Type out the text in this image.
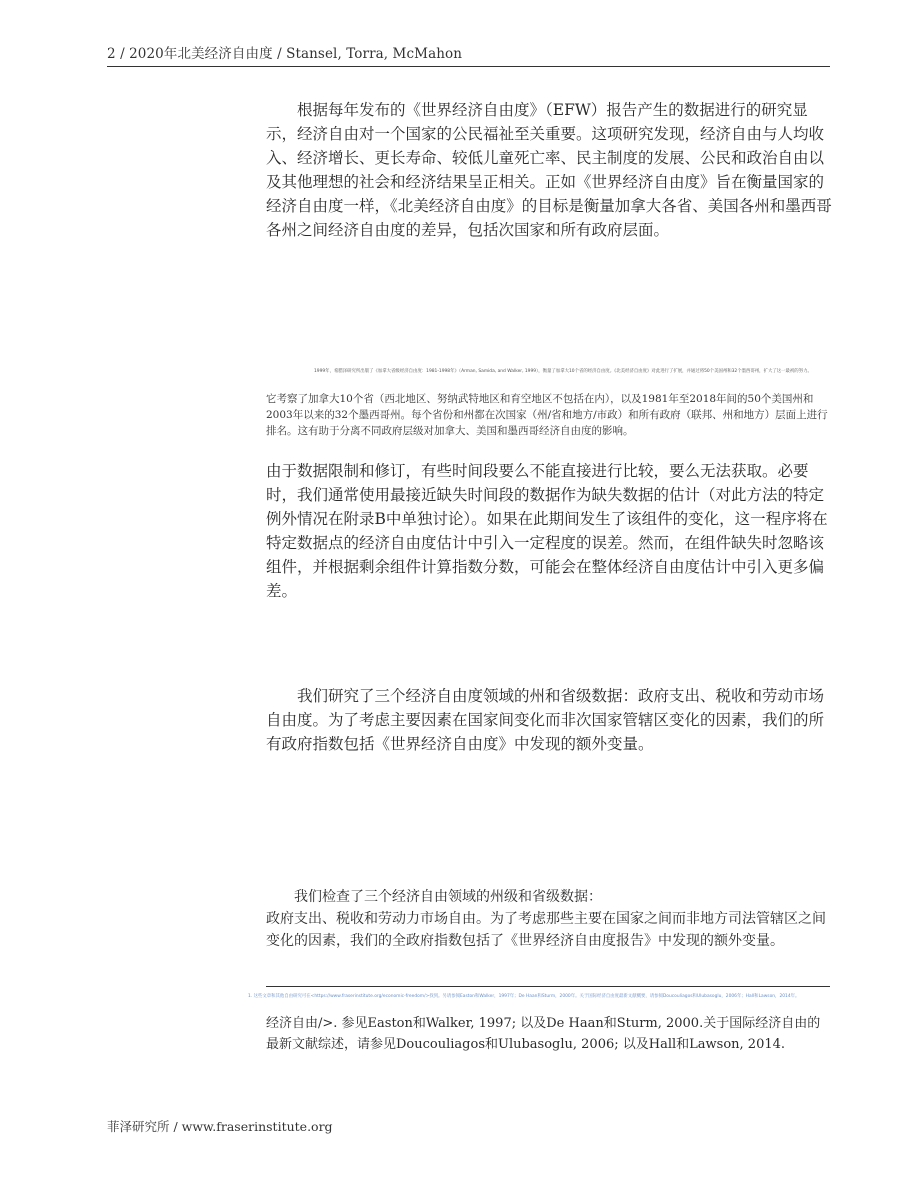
2 / 2020年北美经济自由度 / Stansel, Torra, McMahon
根据每年发布的《世界经济自由度》（EFW）报告产生的数据进行的研究显示，经济自由对一个国家的公民福祉至关重要。这项研究发现，经济自由与人均收入、经济增长、更长寿命、较低儿童死亡率、民主制度的发展、公民和政治自由以及其他理想的社会和经济结果呈正相关。正如《世界经济自由度》旨在衡量国家的经济自由度一样，《北美经济自由度》的目标是衡量加拿大各省、美国各州和墨西哥各州之间经济自由度的差异，包括次国家和所有政府层面。
1999年，希腊泽研究所出版了《加拿大省级经济自由度：1981-1998年》（Arman, Samida, and Walker, 1999），衡量了加拿大10个省的经济自由度。《北美经济自由度》对此进行了扩展，并通过将50个美国州和32个墨西哥州，扩大了这一最初的努力。
它考察了加拿大10个省（西北地区、努纳武特地区和育空地区不包括在内），以及1981年至2018年间的50个美国州和2003年以来的32个墨西哥州。每个省份和州都在次国家（州/省和地方/市政）和所有政府（联邦、州和地方）层面上进行排名。这有助于分离不同政府层级对加拿大、美国和墨西哥经济自由度的影响。
由于数据限制和修订，有些时间段要么不能直接进行比较，要么无法获取。必要时，我们通常使用最接近缺失时间段的数据作为缺失数据的估计（对此方法的特定例外情况在附录B中单独讨论）。如果在此期间发生了该组件的变化，这一程序将在特定数据点的经济自由度估计中引入一定程度的误差。然而，在组件缺失时忽略该组件，并根据剩余组件计算指数分数，可能会在整体经济自由度估计中引入更多偏差。
我们研究了三个经济自由度领域的州和省级数据：政府支出、税收和劳动市场自由度。为了考虑主要因素在国家间变化而非次国家管辖区变化的因素，我们的所有政府指数包括《世界经济自由度》中发现的额外变量。
我们检查了三个经济自由领域的州级和省级数据：
政府支出、税收和劳动力市场自由。为了考虑那些主要在国家之间而非地方司法管辖区之间变化的因素，我们的全政府指数包括了《世界经济自由度报告》中发现的额外变量。
1. 这些文章和其他自由研究可在<https://www.fraserinstitute.org/economic-freedom/>找到。另请参阅Easton和Walker，1997年；De Haan和Sturm，2000年。关于国际经济自由度最新文献概要，请参阅Doucouliagos和Ulubasoglu，2006年；Hall和Lawson，2014年。
经济自由/>. 参见Easton和Walker, 1997; 以及De Haan和Sturm, 2000.关于国际经济自由的最新文献综述，请参见Doucouliagos和Ulubasoglu, 2006; 以及Hall和Lawson, 2014.
菲泽研究所 / www.fraserinstitute.org
